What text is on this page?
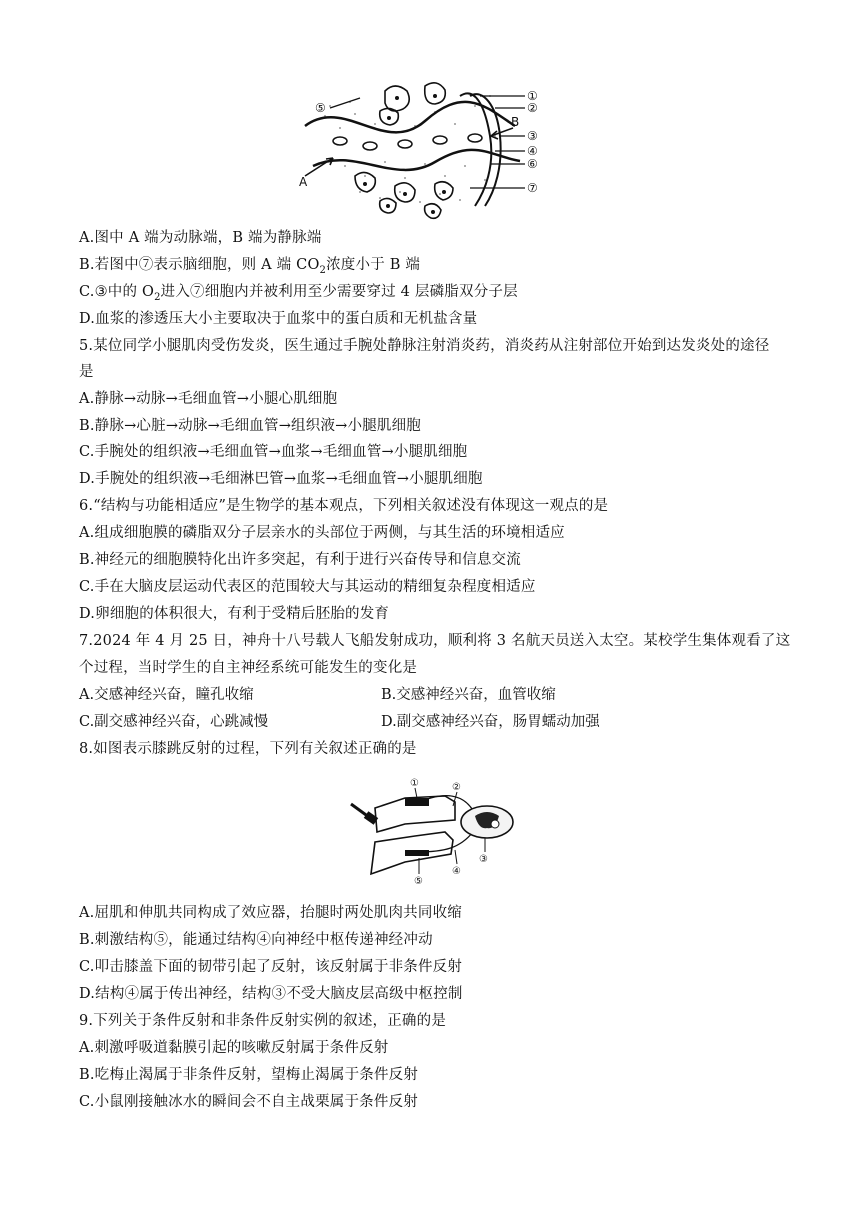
①
②
③
④
⑤
⑥
⑦
A
B
A.图中 A 端为动脉端，B 端为静脉端
B.若图中⑦表示脑细胞，则 A 端 $CO_2$浓度小于 B 端
C.③中的 $O_2$进入⑦细胞内并被利用至少需要穿过 4 层磷脂双分子层
D.血浆的渗透压大小主要取决于血浆中的蛋白质和无机盐含量
5.某位同学小腿肌肉受伤发炎，医生通过手腕处静脉注射消炎药，消炎药从注射部位开始到达发炎处的途径
是
A.静脉→动脉→毛细血管→小腿心肌细胞
B.静脉→心脏→动脉→毛细血管→组织液→小腿肌细胞
C.手腕处的组织液→毛细血管→血浆→毛细血管→小腿肌细胞
D.手腕处的组织液→毛细淋巴管→血浆→毛细血管→小腿肌细胞
6.“结构与功能相适应”是生物学的基本观点，下列相关叙述没有体现这一观点的是
A.组成细胞膜的磷脂双分子层亲水的头部位于两侧，与其生活的环境相适应
B.神经元的细胞膜特化出许多突起，有利于进行兴奋传导和信息交流
C.手在大脑皮层运动代表区的范围较大与其运动的精细复杂程度相适应
D.卵细胞的体积很大，有利于受精后胚胎的发育
7.2024 年 4 月 25 日，神舟十八号载人飞船发射成功，顺利将 3 名航天员送入太空。某校学生集体观看了这
个过程，当时学生的自主神经系统可能发生的变化是
A.交感神经兴奋，瞳孔收缩	B.交感神经兴奋，血管收缩
C.副交感神经兴奋，心跳减慢	D.副交感神经兴奋，肠胃蠕动加强
8.如图表示膝跳反射的过程，下列有关叙述正确的是
①	②
③
④
⑤
A.屈肌和伸肌共同构成了效应器，抬腿时两处肌肉共同收缩
B.刺激结构⑤，能通过结构④向神经中枢传递神经冲动
C.叩击膝盖下面的韧带引起了反射，该反射属于非条件反射
D.结构④属于传出神经，结构③不受大脑皮层高级中枢控制
9.下列关于条件反射和非条件反射实例的叙述，正确的是
A.刺激呼吸道黏膜引起的咳嗽反射属于条件反射
B.吃梅止渴属于非条件反射，望梅止渴属于条件反射
C.小鼠刚接触冰水的瞬间会不自主战栗属于条件反射
